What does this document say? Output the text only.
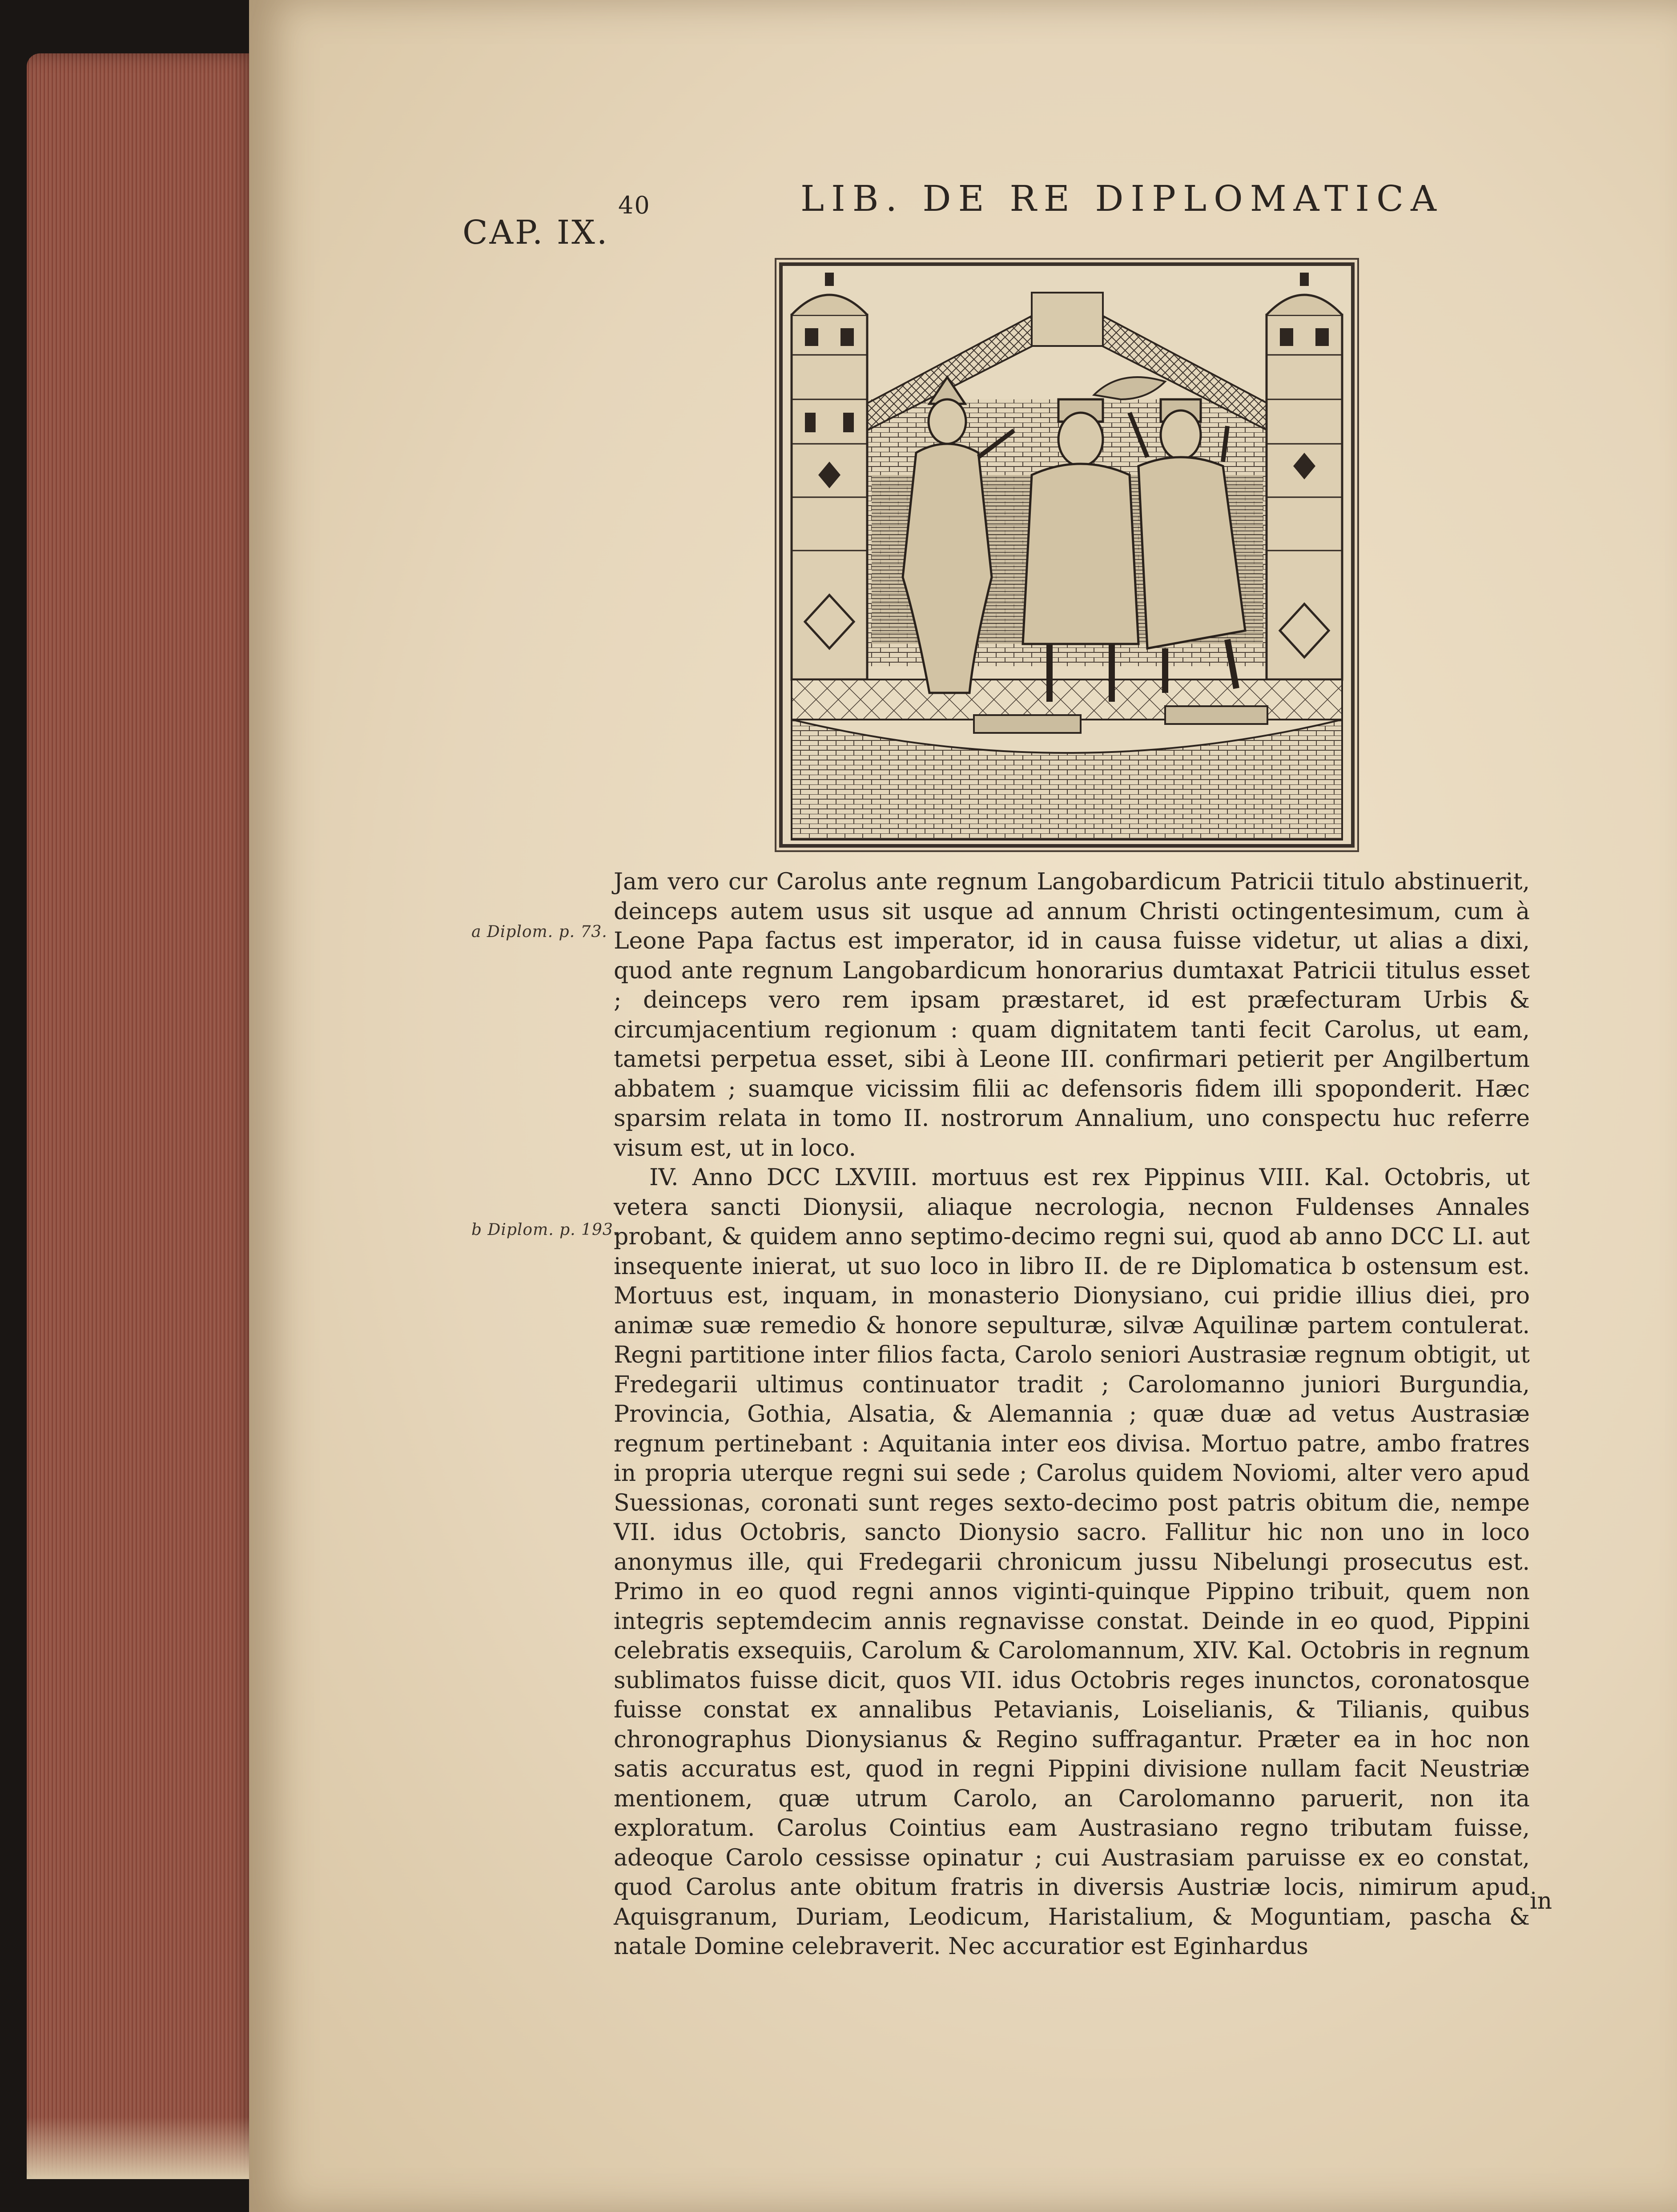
40	LIB. DE RE DIPLOMATICA
CAP. IX.
a Diplom. p. 73.
b Diplom. p. 193.

Jam vero cur Carolus ante regnum Langobardicum Patricii titulo abstinuerit, deinceps autem usus sit usque ad annum Christi octingentesimum, cum à Leone Papa factus est imperator, id in causa fuisse videtur, ut alias a dixi, quod ante regnum Langobardicum honorarius dumtaxat Patricii titulus esset ; deinceps vero rem ipsam præstaret, id est præfecturam Urbis & circumjacentium regionum : quam dignitatem tanti fecit Carolus, ut eam, tametsi perpetua esset, sibi à Leone III. confirmari petierit per Angilbertum abbatem ; suamque vicissim filii ac defensoris fidem illi spoponderit. Hæc sparsim relata in tomo II. nostrorum Annalium, uno conspectu huc referre visum est, ut in loco.

IV. Anno DCC LXVIII. mortuus est rex Pippinus VIII. Kal. Octobris, ut vetera sancti Dionysii, aliaque necrologia, necnon Fuldenses Annales probant, & quidem anno septimo-decimo regni sui, quod ab anno DCC LI. aut insequente inierat, ut suo loco in libro II. de re Diplomatica b ostensum est. Mortuus est, inquam, in monasterio Dionysiano, cui pridie illius diei, pro animæ suæ remedio & honore sepulturæ, silvæ Aquilinæ partem contulerat. Regni partitione inter filios facta, Carolo seniori Austrasiæ regnum obtigit, ut Fredegarii ultimus continuator tradit ; Carolomanno juniori Burgundia, Provincia, Gothia, Alsatia, & Alemannia ; quæ duæ ad vetus Austrasiæ regnum pertinebant : Aquitania inter eos divisa. Mortuo patre, ambo fratres in propria uterque regni sui sede ; Carolus quidem Noviomi, alter vero apud Suessionas, coronati sunt reges sexto-decimo post patris obitum die, nempe VII. idus Octobris, sancto Dionysio sacro. Fallitur hic non uno in loco anonymus ille, qui Fredegarii chronicum jussu Nibelungi prosecutus est. Primo in eo quod regni annos viginti-quinque Pippino tribuit, quem non integris septemdecim annis regnavisse constat. Deinde in eo quod, Pippini celebratis exsequiis, Carolum & Carolomannum, XIV. Kal. Octobris in regnum sublimatos fuisse dicit, quos VII. idus Octobris reges inunctos, coronatosque fuisse constat ex annalibus Petavianis, Loiselianis, & Tilianis, quibus chronographus Dionysianus & Regino suffragantur. Præter ea in hoc non satis accuratus est, quod in regni Pippini divisione nullam facit Neustriæ mentionem, quæ utrum Carolo, an Carolomanno paruerit, non ita exploratum. Carolus Cointius eam Austrasiano regno tributam fuisse, adeoque Carolo cessisse opinatur ; cui Austrasiam paruisse ex eo constat, quod Carolus ante obitum fratris in diversis Austriæ locis, nimirum apud Aquisgranum, Duriam, Leodicum, Haristalium, & Moguntiam, pascha & natale Domine celebraverit. Nec accuratior est Eginhardus

in
